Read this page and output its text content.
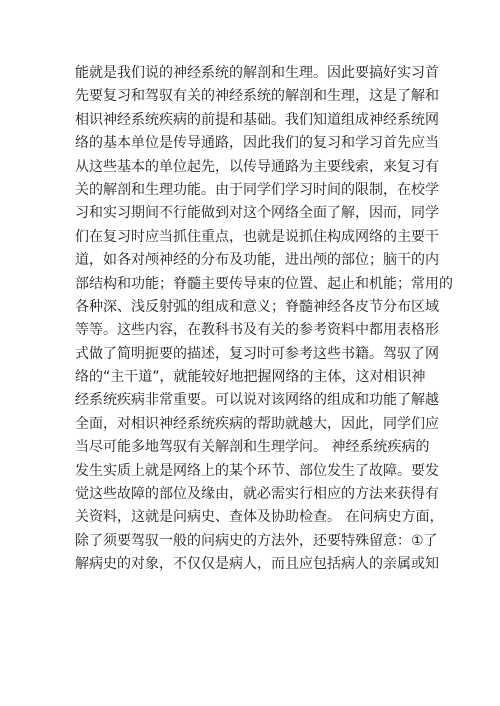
能就是我们说的神经系统的解剖和生理。因此要搞好实习首
先要复习和驾驭有关的神经系统的解剖和生理，这是了解和
相识神经系统疾病的前提和基础。我们知道组成神经系统网
络的基本单位是传导通路，因此我们的复习和学习首先应当
从这些基本的单位起先，以传导通路为主要线索，来复习有
关的解剖和生理功能。由于同学们学习时间的限制，在校学
习和实习期间不行能做到对这个网络全面了解，因而，同学
们在复习时应当抓住重点，也就是说抓住构成网络的主要干
道，如各对颅神经的分布及功能，进出颅的部位；脑干的内
部结构和功能；脊髓主要传导束的位置、起止和机能；常用的
各种深、浅反射弧的组成和意义；脊髓神经各皮节分布区域
等等。这些内容，在教科书及有关的参考资料中都用表格形
式做了简明扼要的描述，复习时可参考这些书籍。驾驭了网
络的“主干道”，就能较好地把握网络的主体，这对相识神
经系统疾病非常重要。可以说对该网络的组成和功能了解越
全面，对相识神经系统疾病的帮助就越大，因此，同学们应
当尽可能多地驾驭有关解剖和生理学问。 神经系统疾病的
发生实质上就是网络上的某个环节、部位发生了故障。要发
觉这些故障的部位及缘由，就必需实行相应的方法来获得有
关资料，这就是问病史、查体及协助检查。 在问病史方面，
除了须要驾驭一般的问病史的方法外，还要特殊留意：①了
解病史的对象，不仅仅是病人，而且应包括病人的亲属或知
